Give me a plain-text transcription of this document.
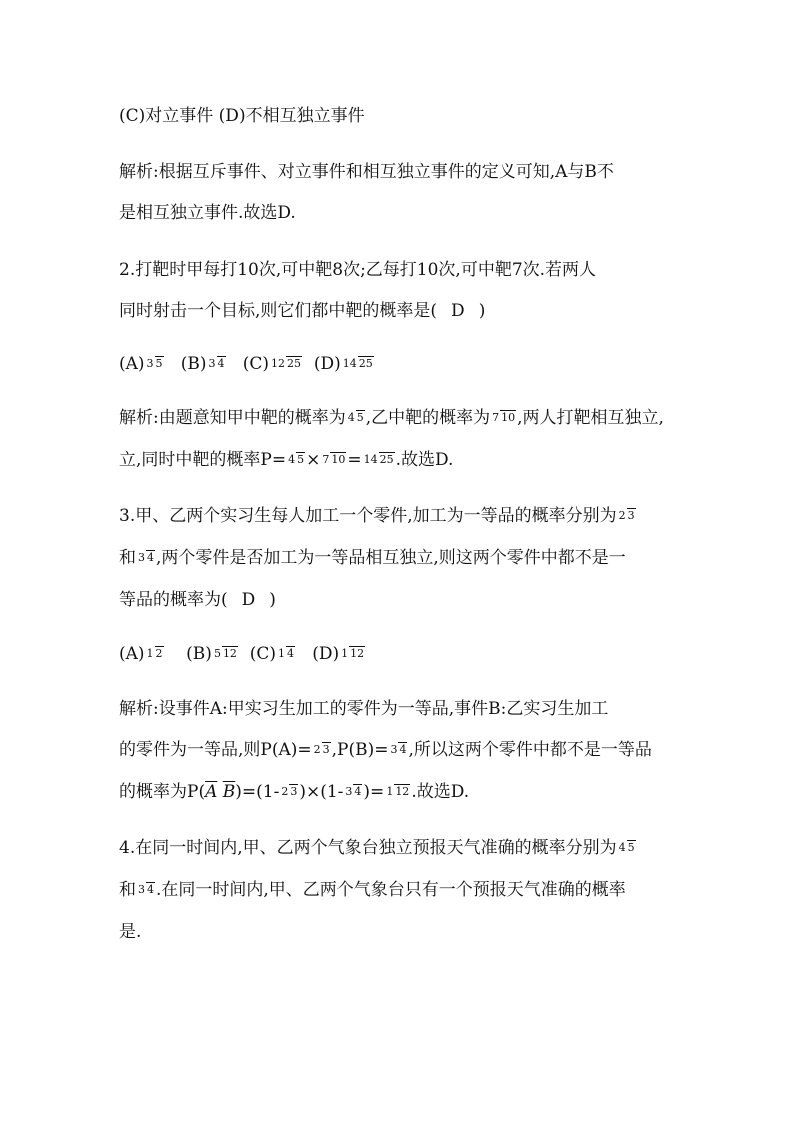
(C)对立事件 (D)不相互独立事件
解析:根据互斥事件、对立事件和相互独立事件的定义可知,A与B不
是相互独立事件.故选D.
2.打靶时甲每打10次,可中靶8次;乙每打10次,可中靶7次.若两人
同时射击一个目标,则它们都中靶的概率是( D )
(A) 3 5 (B) 3 4 (C) 12 25 (D) 14 25
解析:由题意知甲中靶的概率为 4 5 ,乙中靶的概率为 7 10 ,两人打靶相互独立,
立,同时中靶的概率P= 4 5 × 7 10 = 14 25 .故选D.
3.甲、乙两个实习生每人加工一个零件,加工为一等品的概率分别为 2 3
和 3 4 ,两个零件是否加工为一等品相互独立,则这两个零件中都不是一
等品的概率为( D )
(A) 1 2 (B) 5 12 (C) 1 4 (D) 1 12
解析:设事件A:甲实习生加工的零件为一等品,事件B:乙实习生加工
的零件为一等品,则P(A)= 2 3 ,P(B)= 3 4 ,所以这两个零件中都不是一等品
的概率为$P(\overline{A}$ $\overline{B})=(1-$ 2 3 )×(1- 3 4 )= 1 12 .故选D.
4.在同一时间内,甲、乙两个气象台独立预报天气准确的概率分别为 4 5
和 3 4 .在同一时间内,甲、乙两个气象台只有一个预报天气准确的概率
是.
